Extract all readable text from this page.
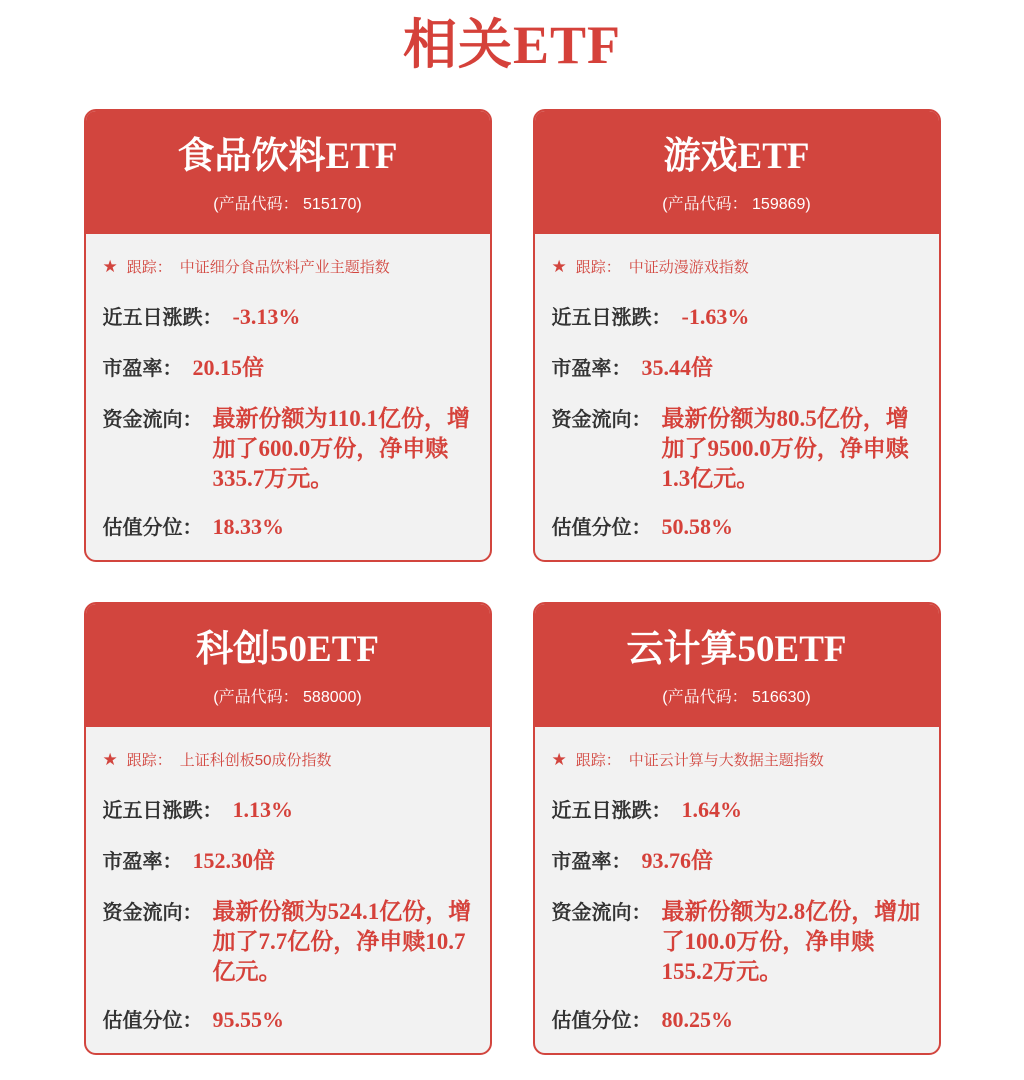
相关ETF
食品饮料ETF
(产品代码： 515170)
★ 跟踪： 中证细分食品饮料产业主题指数
近五日涨跌： -3.13%
市盈率： 20.15倍
资金流向： 最新份额为110.1亿份，增加了600.0万份，净申赎335.7万元。
估值分位： 18.33%
游戏ETF
(产品代码： 159869)
★ 跟踪： 中证动漫游戏指数
近五日涨跌： -1.63%
市盈率： 35.44倍
资金流向： 最新份额为80.5亿份，增加了9500.0万份，净申赎1.3亿元。
估值分位： 50.58%
科创50ETF
(产品代码： 588000)
★ 跟踪： 上证科创板50成份指数
近五日涨跌： 1.13%
市盈率： 152.30倍
资金流向： 最新份额为524.1亿份，增加了7.7亿份，净申赎10.7亿元。
估值分位： 95.55%
云计算50ETF
(产品代码： 516630)
★ 跟踪： 中证云计算与大数据主题指数
近五日涨跌： 1.64%
市盈率： 93.76倍
资金流向： 最新份额为2.8亿份，增加了100.0万份，净申赎155.2万元。
估值分位： 80.25%
